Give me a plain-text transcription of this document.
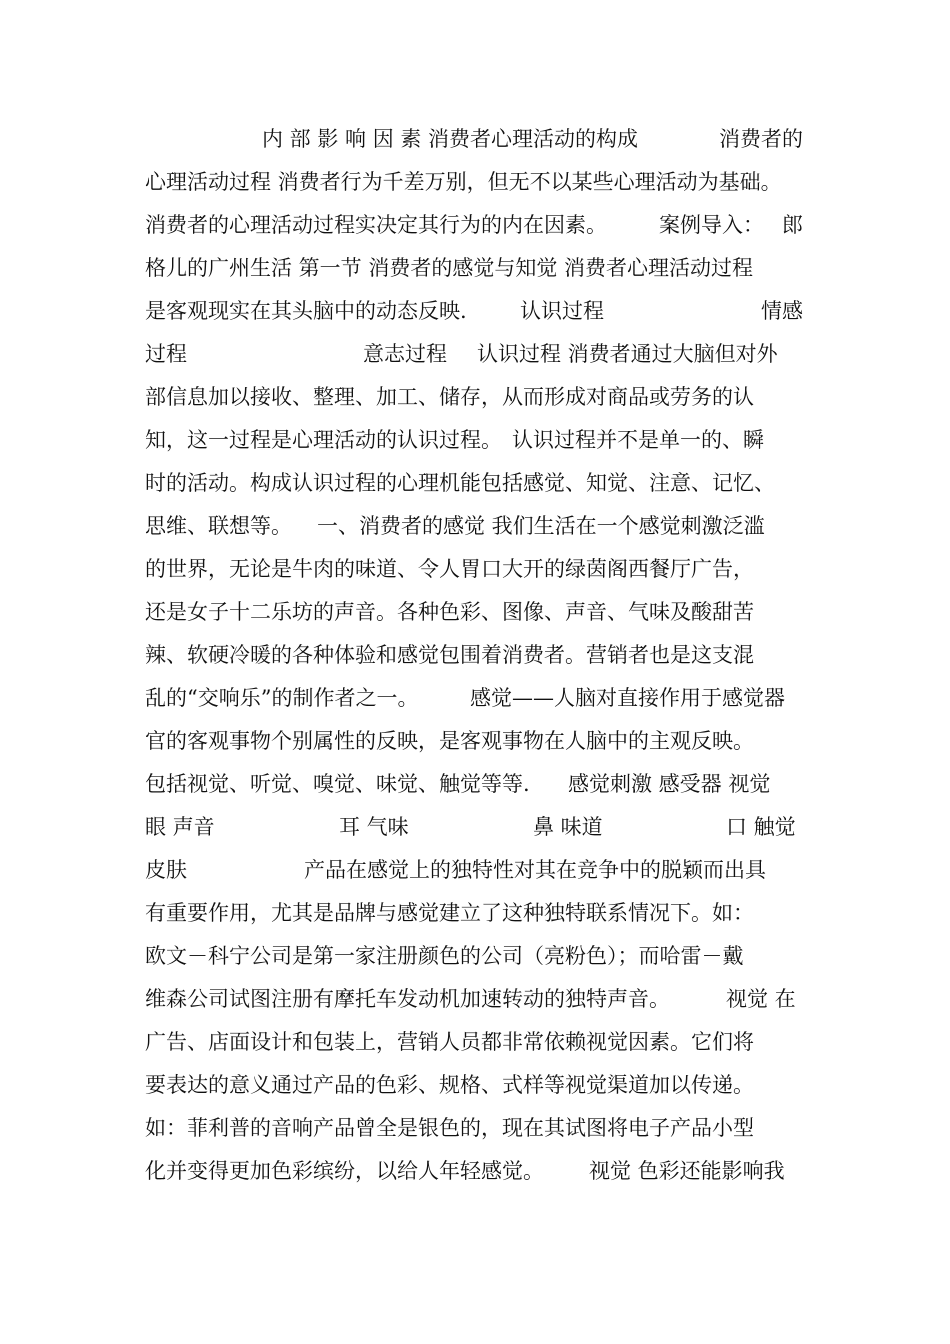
内 部 影 响 因 素 消费者心理活动的构成	消费者的
心理活动过程 消费者行为千差万别，但无不以某些心理活动为基础。
消费者的心理活动过程实决定其行为的内在因素。 案例导入： 郎
格儿的广州生活 第一节 消费者的感觉与知觉 消费者心理活动过程
是客观现实在其头脑中的动态反映.	认识过程	情感
过程	意志过程 认识过程 消费者通过大脑但对外
部信息加以接收、整理、加工、储存，从而形成对商品或劳务的认
知，这一过程是心理活动的认识过程。 认识过程并不是单一的、瞬
时的活动。构成认识过程的心理机能包括感觉、知觉、注意、记忆、
思维、联想等。 一、消费者的感觉 我们生活在一个感觉刺激泛滥
的世界，无论是牛肉的味道、令人胃口大开的绿茵阁西餐厅广告，
还是女子十二乐坊的声音。各种色彩、图像、声音、气味及酸甜苦
辣、软硬冷暖的各种体验和感觉包围着消费者。营销者也是这支混
乱的“交响乐”的制作者之一。 感觉——人脑对直接作用于感觉器
官的客观事物个别属性的反映，是客观事物在人脑中的主观反映。
包括视觉、听觉、嗅觉、味觉、触觉等等. 感觉刺激 感受器 视觉
眼 声音	耳 气味	鼻 味道	口 触觉
皮肤	产品在感觉上的独特性对其在竞争中的脱颖而出具
有重要作用，尤其是品牌与感觉建立了这种独特联系情况下。如：
欧文－科宁公司是第一家注册颜色的公司（亮粉色）；而哈雷－戴
维森公司试图注册有摩托车发动机加速转动的独特声音。	视觉 在
广告、店面设计和包装上，营销人员都非常依赖视觉因素。它们将
要表达的意义通过产品的色彩、规格、式样等视觉渠道加以传递。
如：菲利普的音响产品曾全是银色的，现在其试图将电子产品小型
化并变得更加色彩缤纷，以给人年轻感觉。 视觉 色彩还能影响我
